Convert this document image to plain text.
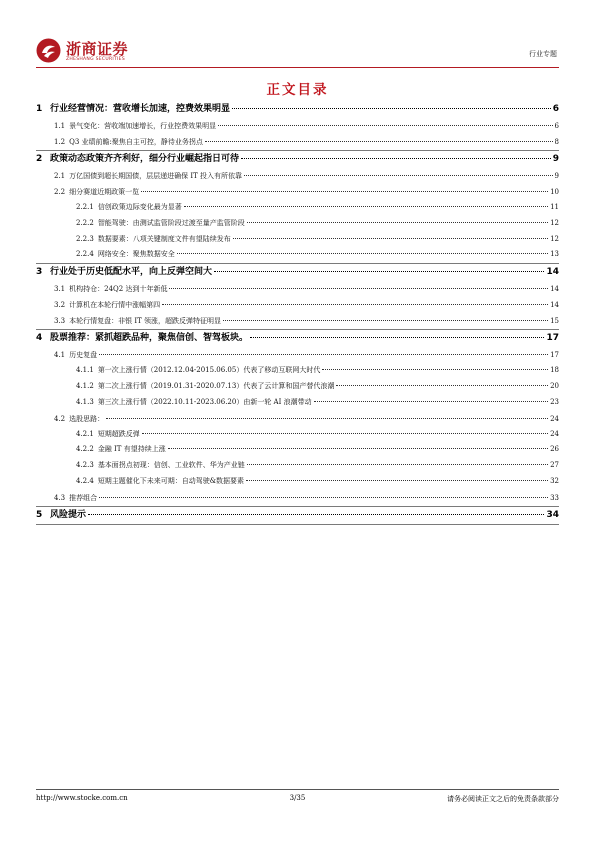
浙商证券
ZHESHANG SECURITIES
行业专题
正文目录
1 行业经营情况：营收增长加速，控费效果明显	6
1.1 景气变化：营收端加速增长，行业控费效果明显	6
1.2 Q3 业绩前瞻:聚焦自主可控，静待业务拐点	8
2 政策动态政策齐齐利好，细分行业崛起指日可待	9
2.1 万亿国债到超长期国债，层层递进确保 IT 投入有所依靠	9
2.2 细分赛道近期政策一览	10
2.2.1 信创政策边际变化最为显著	11
2.2.2 智能驾驶：由测试监管阶段过渡至量产监管阶段	12
2.2.3 数据要素：八项关键制度文件有望陆续发布	12
2.2.4 网络安全：聚焦数据安全	13
3 行业处于历史低配水平，向上反弹空间大	14
3.1 机构持仓：24Q2 达到十年新低	14
3.2 计算机在本轮行情中涨幅第四	14
3.3 本轮行情复盘：非银 IT 领涨，超跌反弹特征明显	15
4 股票推荐：紧抓超跌品种，聚焦信创、智驾板块。	17
4.1 历史复盘	17
4.1.1 第一次上涨行情（2012.12.04-2015.06.05）代表了移动互联网大时代	18
4.1.2 第二次上涨行情（2019.01.31-2020.07.13）代表了云计算和国产替代浪潮	20
4.1.3 第三次上涨行情（2022.10.11-2023.06.20）由新一轮 AI 浪潮带动	23
4.2 选股思路：	24
4.2.1 短期超跌反弹	24
4.2.2 金融 IT 有望持续上涨	26
4.2.3 基本面拐点初现：信创、工业软件、华为产业链	27
4.2.4 短期主题催化下未来可期：自动驾驶&数据要素	32
4.3 推荐组合	33
5 风险提示	34
http://www.stocke.com.cn	3/35	请务必阅读正文之后的免责条款部分
